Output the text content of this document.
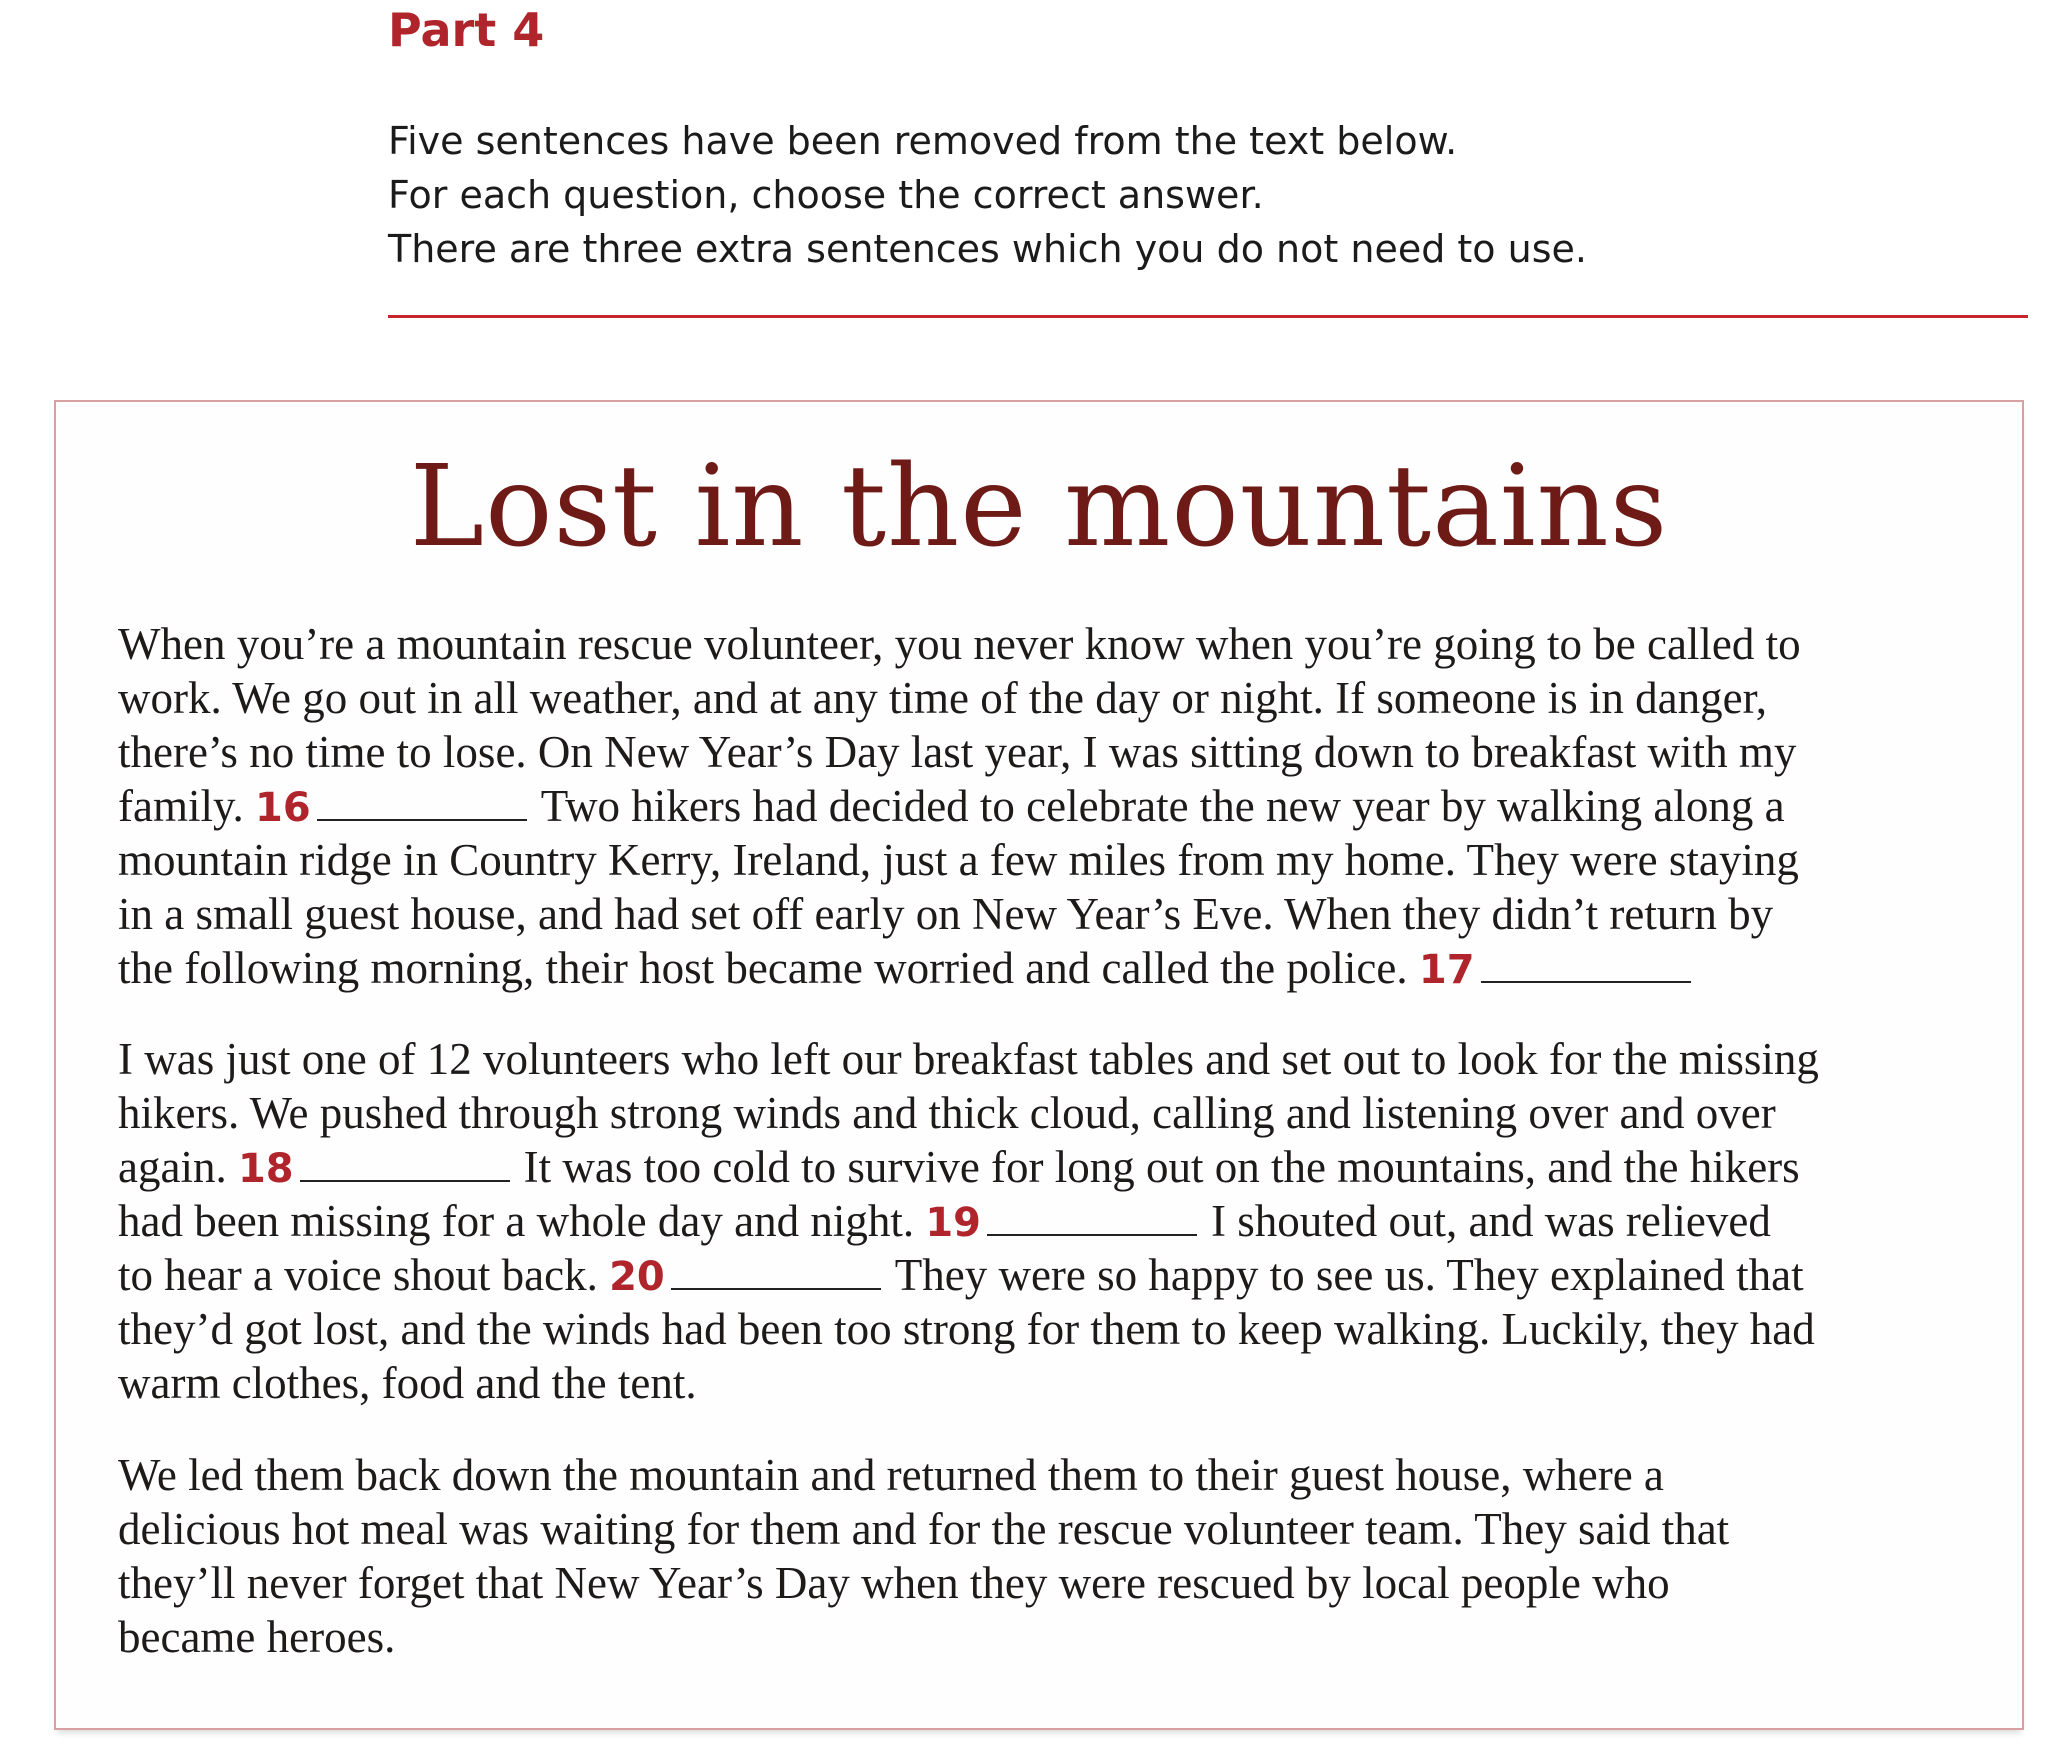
Part 4
Five sentences have been removed from the text below.
For each question, choose the correct answer.
There are three extra sentences which you do not need to use.
Lost in the mountains
When you’re a mountain rescue volunteer, you never know when you’re going to be called to
work. We go out in all weather, and at any time of the day or night. If someone is in danger,
there’s no time to lose. On New Year’s Day last year, I was sitting down to breakfast with my
family. 16	Two hikers had decided to celebrate the new year by walking along a
mountain ridge in Country Kerry, Ireland, just a few miles from my home. They were staying
in a small guest house, and had set off early on New Year’s Eve. When they didn’t return by
the following morning, their host became worried and called the police. 17
I was just one of 12 volunteers who left our breakfast tables and set out to look for the missing
hikers. We pushed through strong winds and thick cloud, calling and listening over and over
again. 18	It was too cold to survive for long out on the mountains, and the hikers
had been missing for a whole day and night. 19	I shouted out, and was relieved
to hear a voice shout back. 20	They were so happy to see us. They explained that
they’d got lost, and the winds had been too strong for them to keep walking. Luckily, they had
warm clothes, food and the tent.
We led them back down the mountain and returned them to their guest house, where a
delicious hot meal was waiting for them and for the rescue volunteer team. They said that
they’ll never forget that New Year’s Day when they were rescued by local people who
became heroes.
